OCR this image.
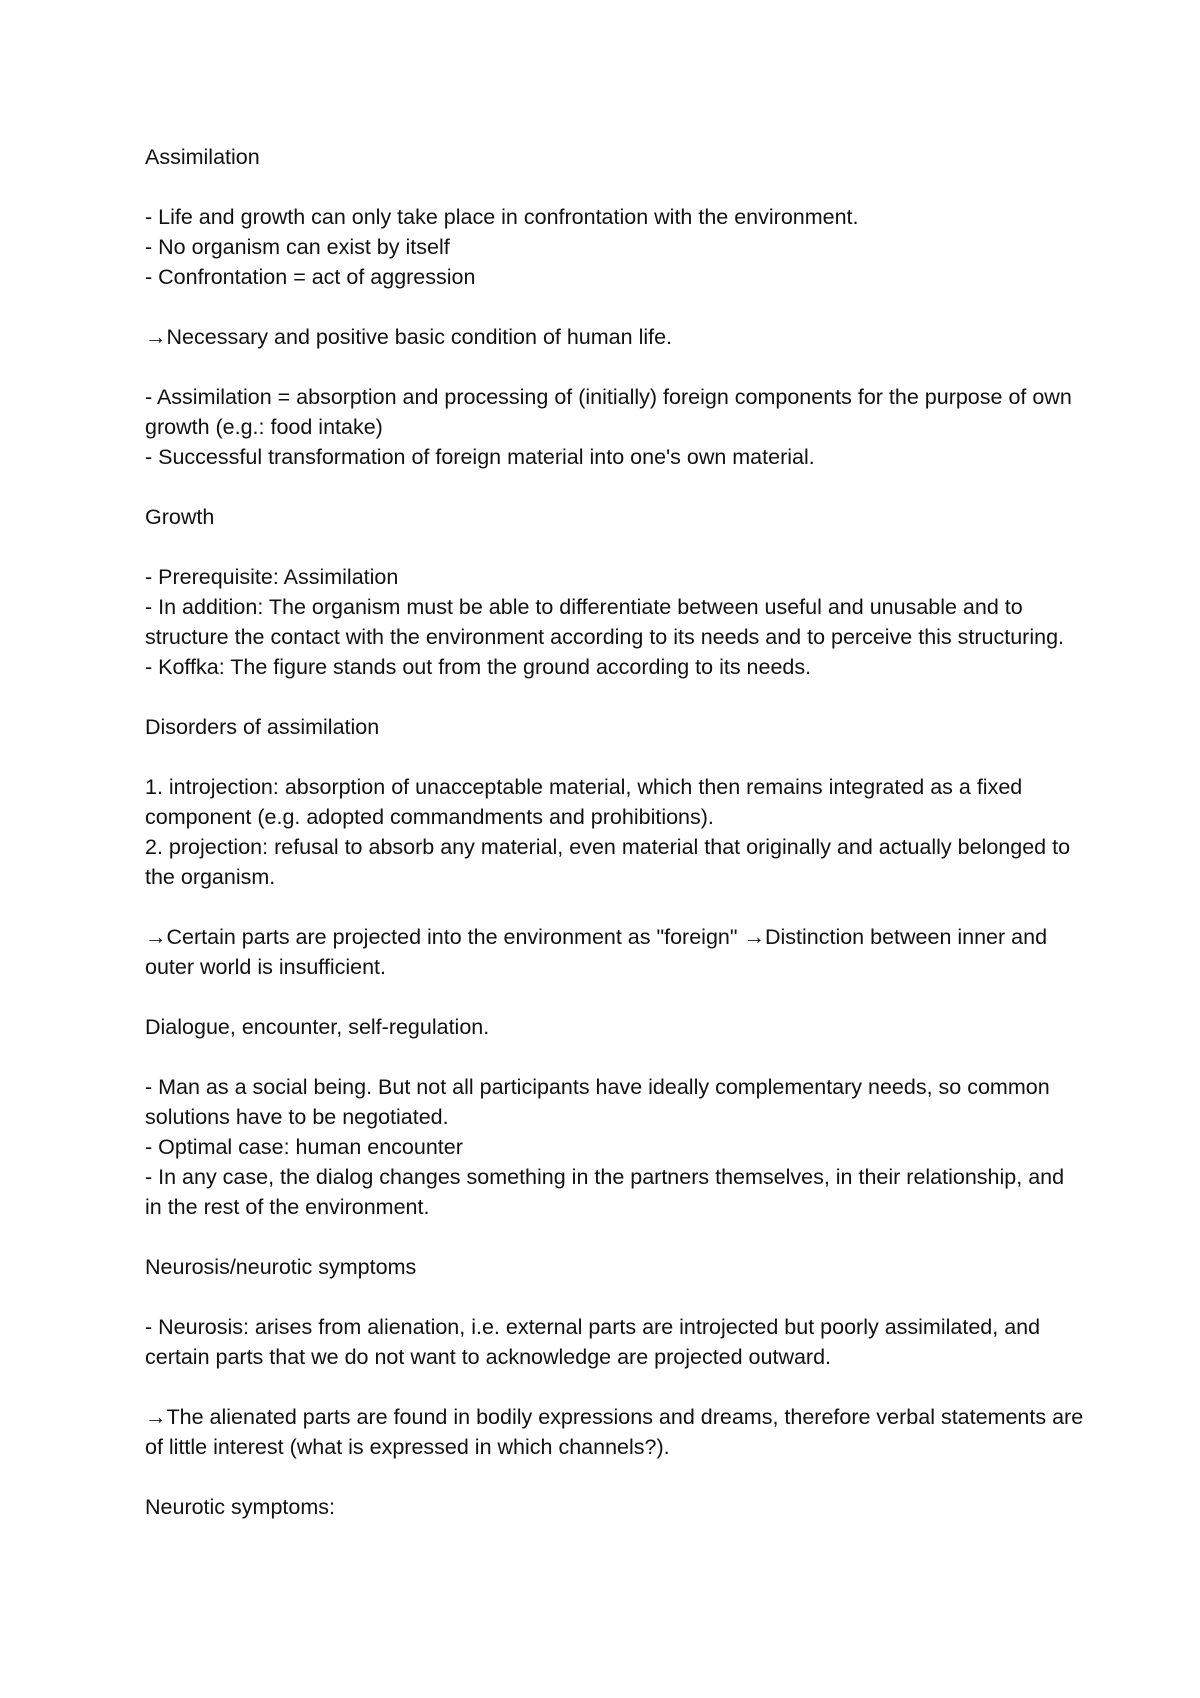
Assimilation

- Life and growth can only take place in confrontation with the environment.
- No organism can exist by itself
- Confrontation = act of aggression

→Necessary and positive basic condition of human life.

- Assimilation = absorption and processing of (initially) foreign components for the purpose of own growth (e.g.: food intake)
- Successful transformation of foreign material into one's own material.

Growth

- Prerequisite: Assimilation
- In addition: The organism must be able to differentiate between useful and unusable and to structure the contact with the environment according to its needs and to perceive this structuring.
- Koffka: The figure stands out from the ground according to its needs.

Disorders of assimilation

1. introjection: absorption of unacceptable material, which then remains integrated as a fixed component (e.g. adopted commandments and prohibitions).
2. projection: refusal to absorb any material, even material that originally and actually belonged to the organism.

→Certain parts are projected into the environment as "foreign" →Distinction between inner and outer world is insufficient.

Dialogue, encounter, self-regulation.

- Man as a social being. But not all participants have ideally complementary needs, so common solutions have to be negotiated.
- Optimal case: human encounter
- In any case, the dialog changes something in the partners themselves, in their relationship, and in the rest of the environment.

Neurosis/neurotic symptoms

- Neurosis: arises from alienation, i.e. external parts are introjected but poorly assimilated, and certain parts that we do not want to acknowledge are projected outward.

→The alienated parts are found in bodily expressions and dreams, therefore verbal statements are of little interest (what is expressed in which channels?).

Neurotic symptoms:
